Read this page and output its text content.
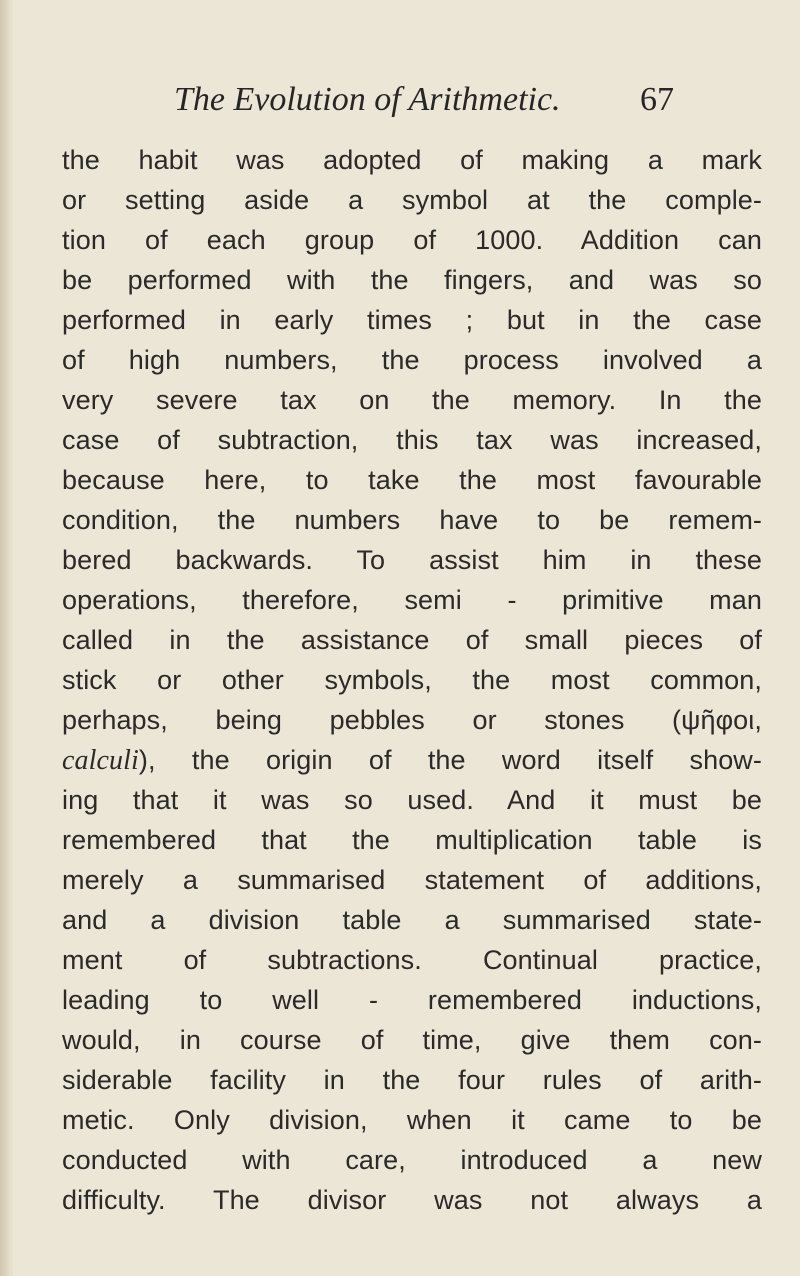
The Evolution of Arithmetic. 67
the habit was adopted of making a mark
or setting aside a symbol at the comple-
tion of each group of 1000. Addition can
be performed with the fingers, and was so
performed in early times ; but in the case
of high numbers, the process involved a
very severe tax on the memory. In the
case of subtraction, this tax was increased,
because here, to take the most favourable
condition, the numbers have to be remem-
bered backwards. To assist him in these
operations, therefore, semi - primitive man
called in the assistance of small pieces of
stick or other symbols, the most common,
perhaps, being pebbles or stones (ψῆφοι,
calculi), the origin of the word itself show-
ing that it was so used. And it must be
remembered that the multiplication table is
merely a summarised statement of additions,
and a division table a summarised state-
ment of subtractions. Continual practice,
leading to well - remembered inductions,
would, in course of time, give them con-
siderable facility in the four rules of arith-
metic. Only division, when it came to be
conducted with care, introduced a new
difficulty. The divisor was not always a
